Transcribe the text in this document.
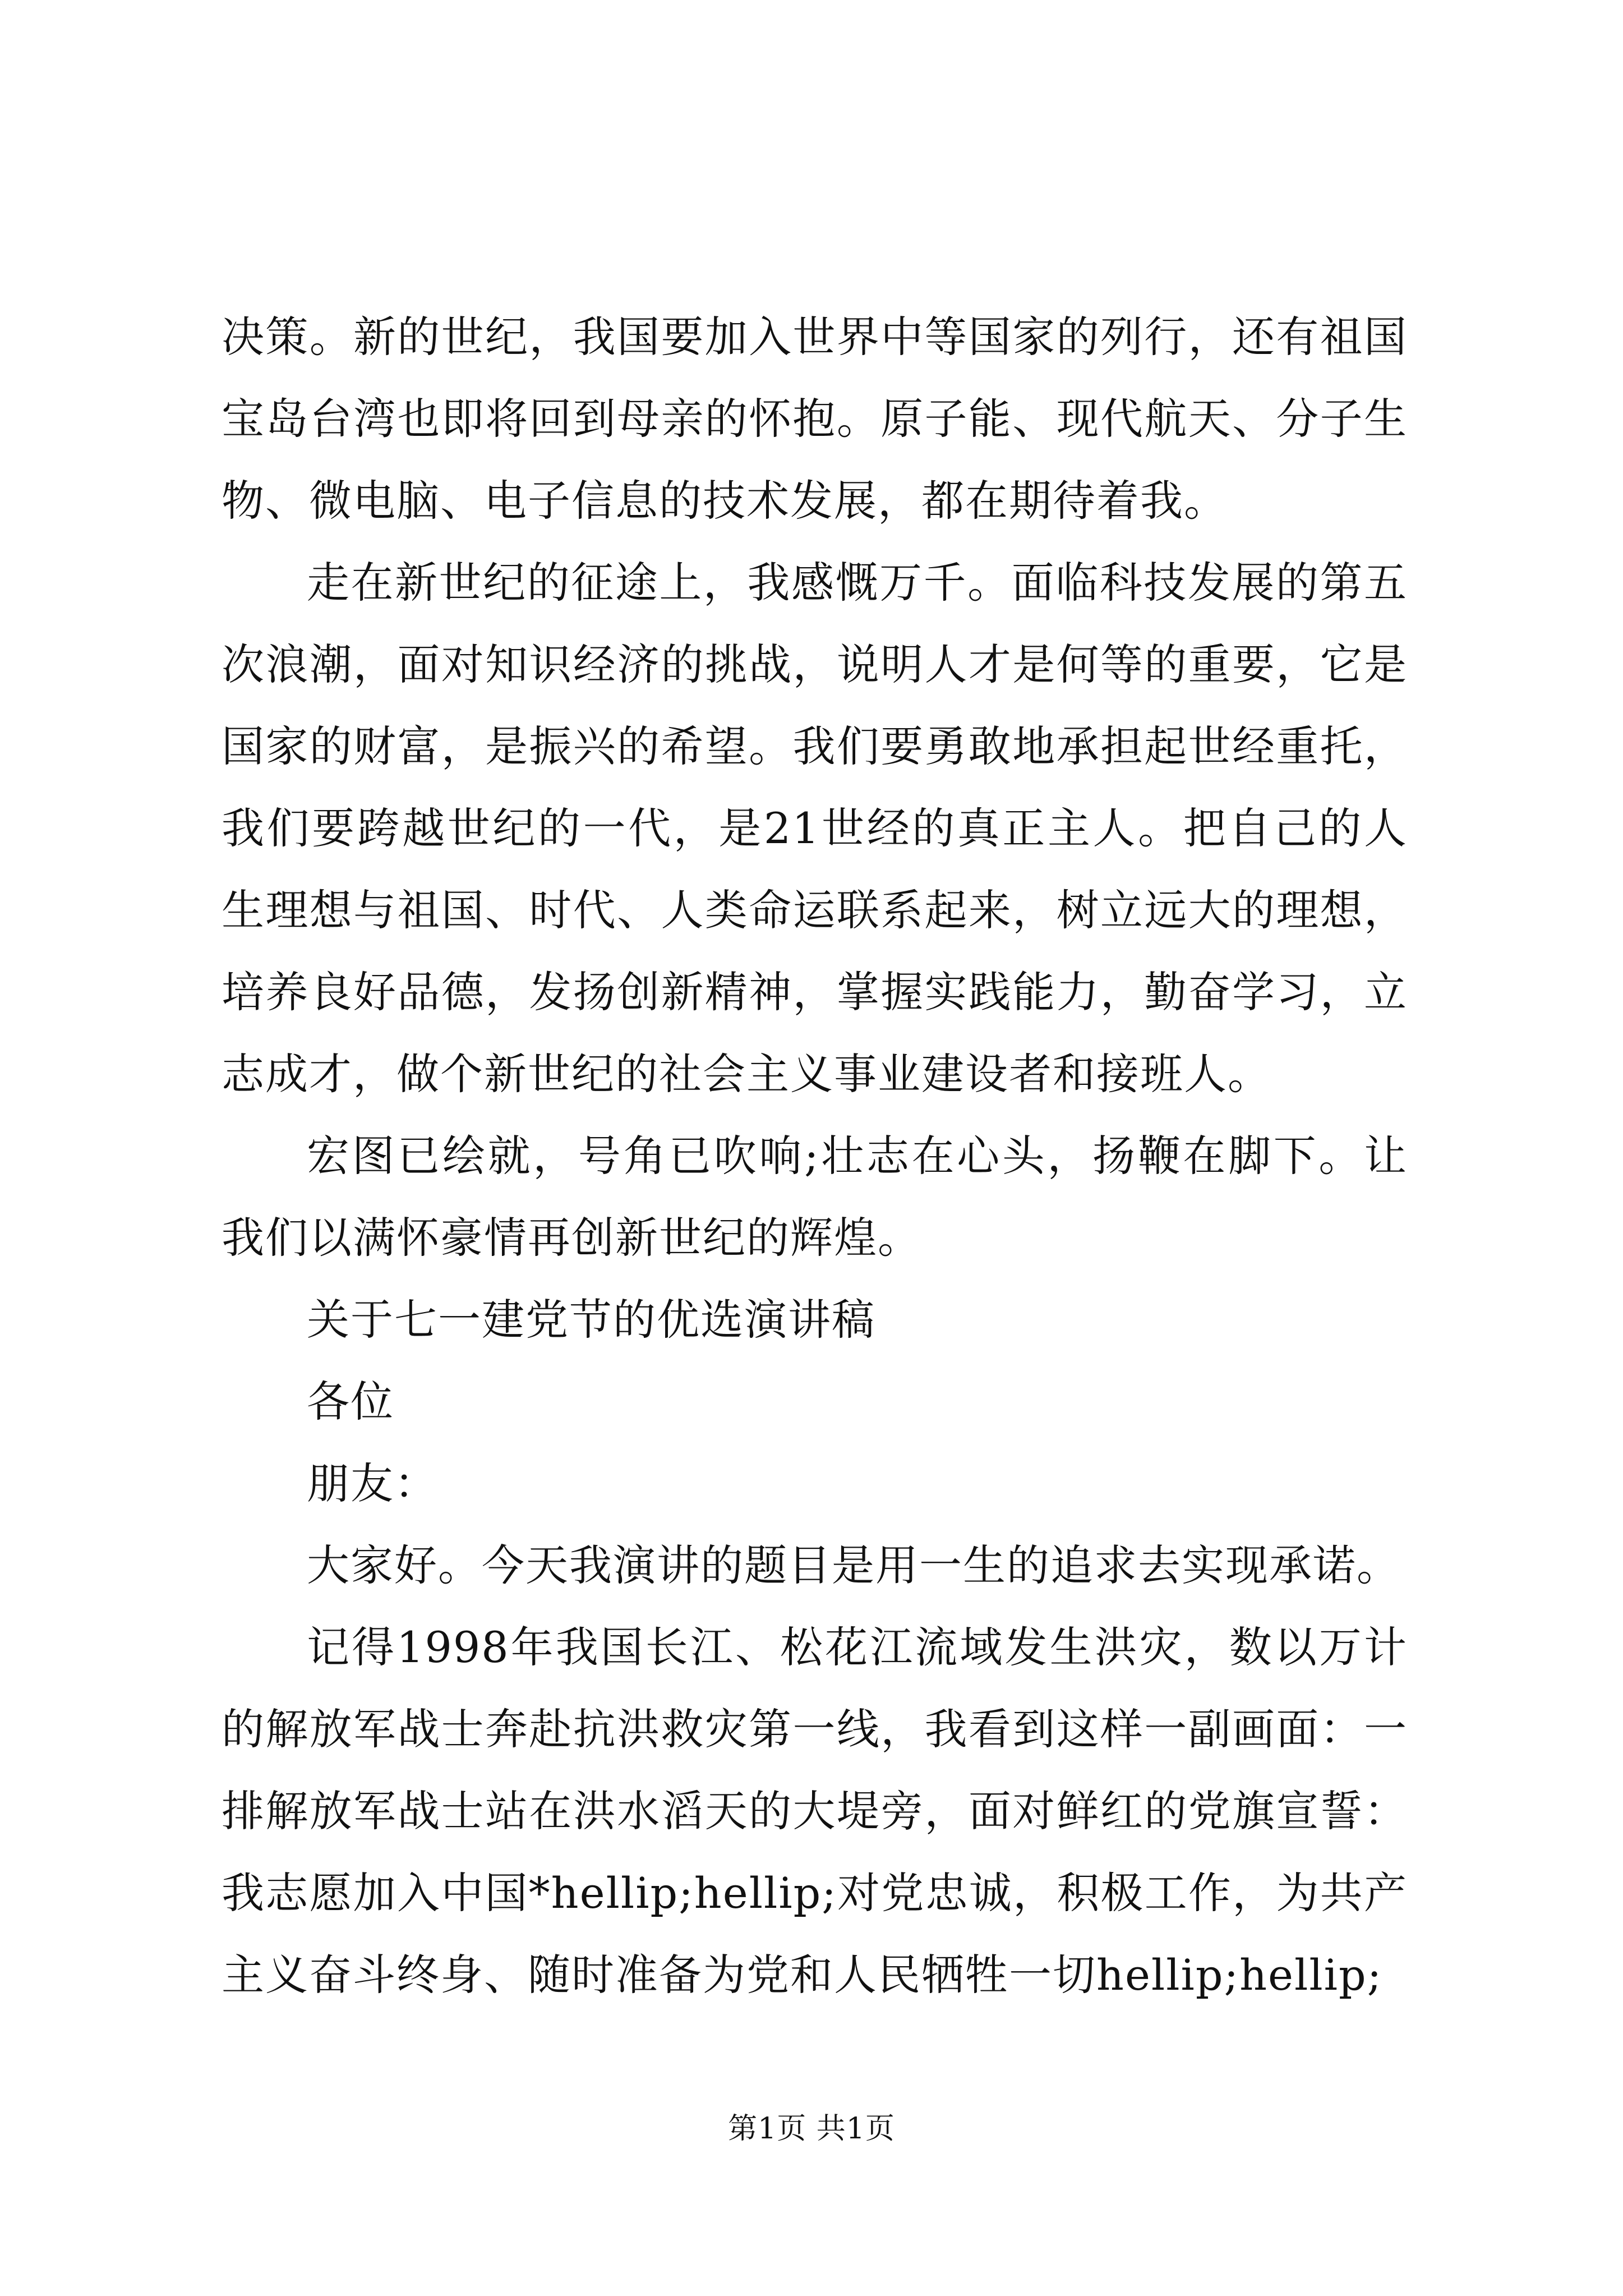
决策。新的世纪，我国要加入世界中等国家的列行，还有祖国宝岛台湾也即将回到母亲的怀抱。原子能、现代航天、分子生物、微电脑、电子信息的技术发展，都在期待着我。

走在新世纪的征途上，我感慨万千。面临科技发展的第五次浪潮，面对知识经济的挑战，说明人才是何等的重要，它是国家的财富，是振兴的希望。我们要勇敢地承担起世经重托，我们要跨越世纪的一代，是21世经的真正主人。把自己的人生理想与祖国、时代、人类命运联系起来，树立远大的理想，培养良好品德，发扬创新精神，掌握实践能力，勤奋学习，立志成才，做个新世纪的社会主义事业建设者和接班人。

宏图已绘就，号角已吹响;壮志在心头，扬鞭在脚下。让我们以满怀豪情再创新世纪的辉煌。

关于七一建党节的优选演讲稿

各位

朋友：

大家好。今天我演讲的题目是用一生的追求去实现承诺。

记得1998年我国长江、松花江流域发生洪灾，数以万计的解放军战士奔赴抗洪救灾第一线，我看到这样一副画面：一排解放军战士站在洪水滔天的大堤旁，面对鲜红的党旗宣誓：我志愿加入中国*hellip;hellip;对党忠诚，积极工作，为共产主义奋斗终身、随时准备为党和人民牺牲一切hellip;hellip;

第1页 共1页
